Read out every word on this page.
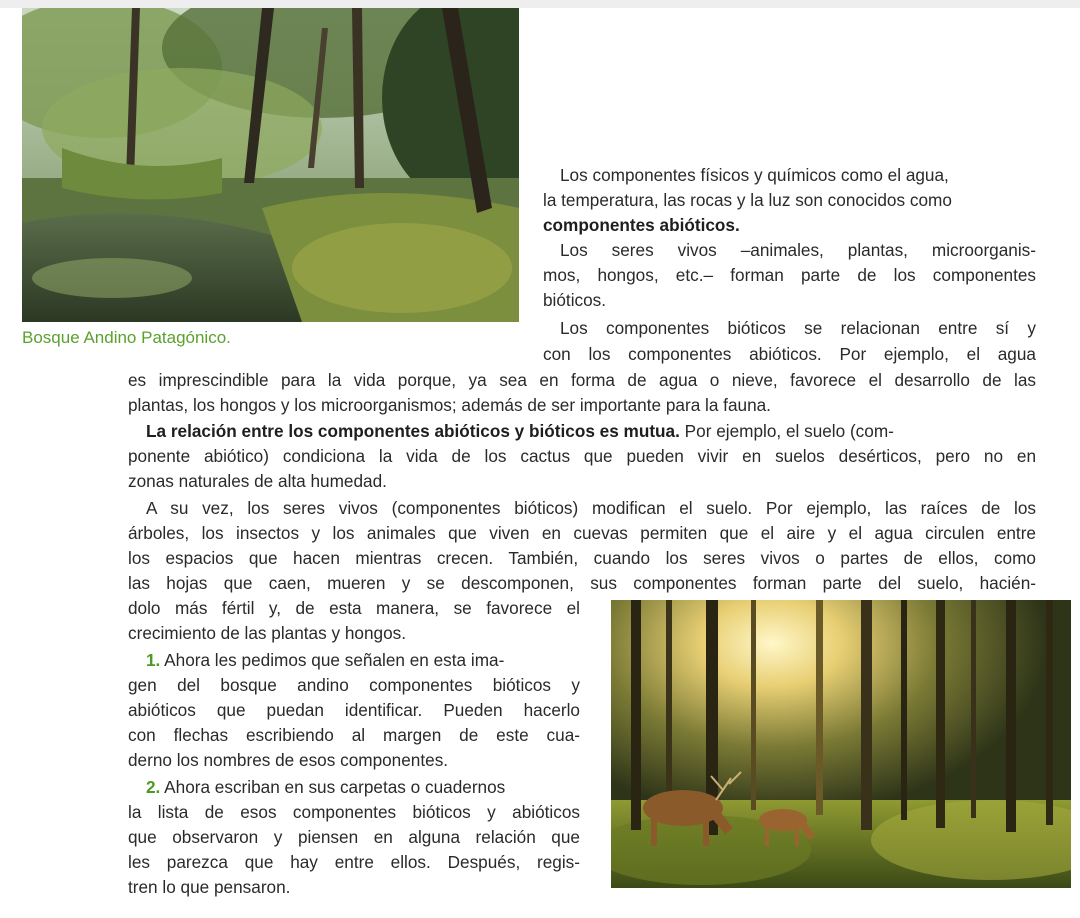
Bosque Andino Patagónico.
Los componentes físicos y químicos como el agua,
la temperatura, las rocas y la luz son conocidos como
componentes abióticos.
Los seres vivos –animales, plantas, microorganis-
mos, hongos, etc.– forman parte de los componentes
bióticos.
Los componentes bióticos se relacionan entre sí y
con los componentes abióticos. Por ejemplo, el agua
es imprescindible para la vida porque, ya sea en forma de agua o nieve, favorece el desarrollo de las
plantas, los hongos y los microorganismos; además de ser importante para la fauna.
La relación entre los componentes abióticos y bióticos es mutua. Por ejemplo, el suelo (com-
ponente abiótico) condiciona la vida de los cactus que pueden vivir en suelos desérticos, pero no en
zonas naturales de alta humedad.
A su vez, los seres vivos (componentes bióticos) modifican el suelo. Por ejemplo, las raíces de los
árboles, los insectos y los animales que viven en cuevas permiten que el aire y el agua circulen entre
los espacios que hacen mientras crecen. También, cuando los seres vivos o partes de ellos, como
las hojas que caen, mueren y se descomponen, sus componentes forman parte del suelo, hacién-
dolo más fértil y, de esta manera, se favorece el
crecimiento de las plantas y hongos.
1. Ahora les pedimos que señalen en esta ima-
gen del bosque andino componentes bióticos y
abióticos que puedan identificar. Pueden hacerlo
con flechas escribiendo al margen de este cua-
derno los nombres de esos componentes.
2. Ahora escriban en sus carpetas o cuadernos
la lista de esos componentes bióticos y abióticos
que observaron y piensen en alguna relación que
les parezca que hay entre ellos. Después, regis-
tren lo que pensaron.
